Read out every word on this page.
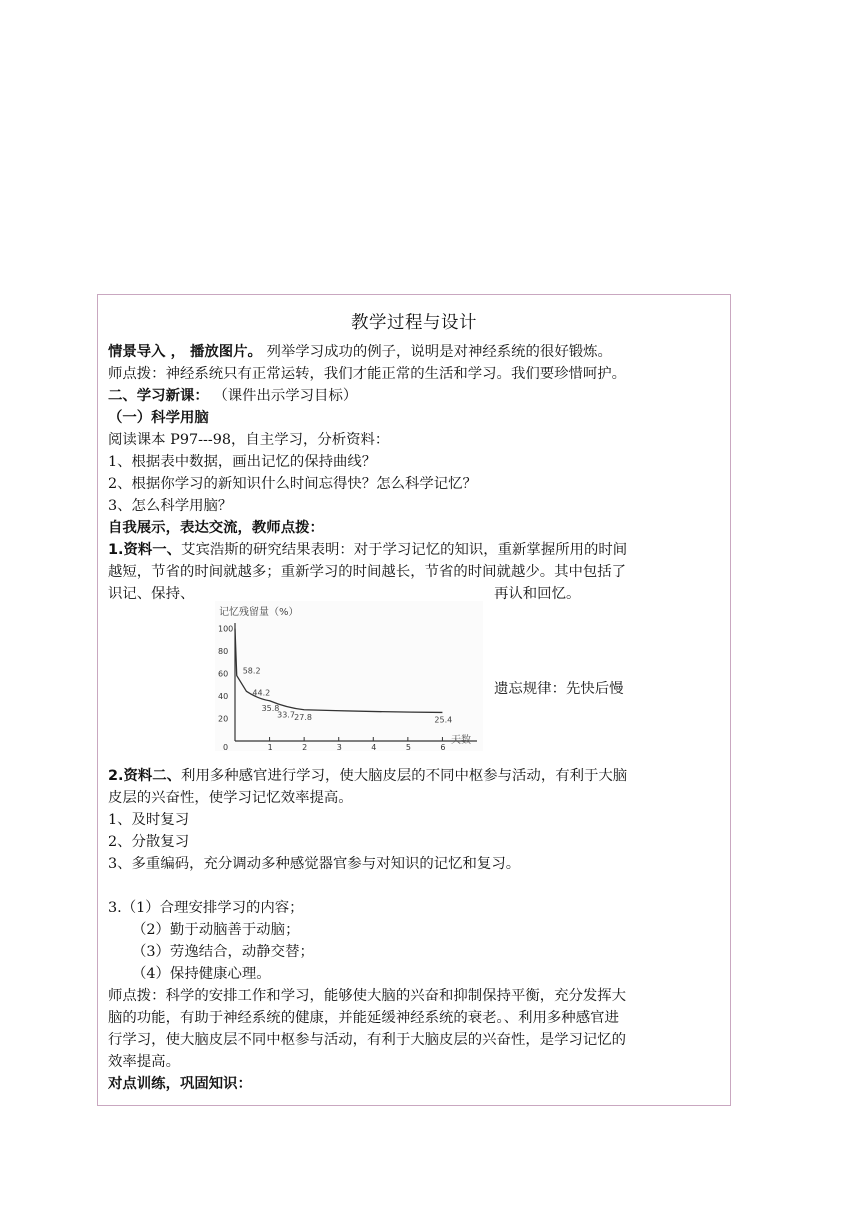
教学过程与设计
情景导入 ， 播放图片。 列举学习成功的例子，说明是对神经系统的很好锻炼。
师点拨：神经系统只有正常运转，我们才能正常的生活和学习。我们要珍惜呵护。
二、学习新课： （课件出示学习目标）
（一）科学用脑
阅读课本 P97---98，自主学习，分析资料：
1、根据表中数据，画出记忆的保持曲线？
2、根据你学习的新知识什么时间忘得快？怎么科学记忆？
3、怎么科学用脑？
自我展示，表达交流，教师点拨：
1.资料一、艾宾浩斯的研究结果表明：对于学习记忆的知识，重新掌握所用的时间
越短，节省的时间就越多；重新学习的时间越长，节省的时间就越少。其中包括了
识记、保持、	再认和回忆。
遗忘规律：先快后慢
记忆残留量（%）
天数
20
40
60
80
100
0	1	2	3	4	5	6
58.2
44.2
35.8
27.8	25.4
33.7
2.资料二、利用多种感官进行学习，使大脑皮层的不同中枢参与活动，有利于大脑
皮层的兴奋性，使学习记忆效率提高。
1、及时复习
2、分散复习
3、多重编码，充分调动多种感觉器官参与对知识的记忆和复习。
3.（1）合理安排学习的内容；
（2）勤于动脑善于动脑；
（3）劳逸结合，动静交替；
（4）保持健康心理。
师点拨：科学的安排工作和学习，能够使大脑的兴奋和抑制保持平衡，充分发挥大
脑的功能，有助于神经系统的健康，并能延缓神经系统的衰老。、利用多种感官进
行学习，使大脑皮层不同中枢参与活动，有利于大脑皮层的兴奋性，是学习记忆的
效率提高。
对点训练，巩固知识：
